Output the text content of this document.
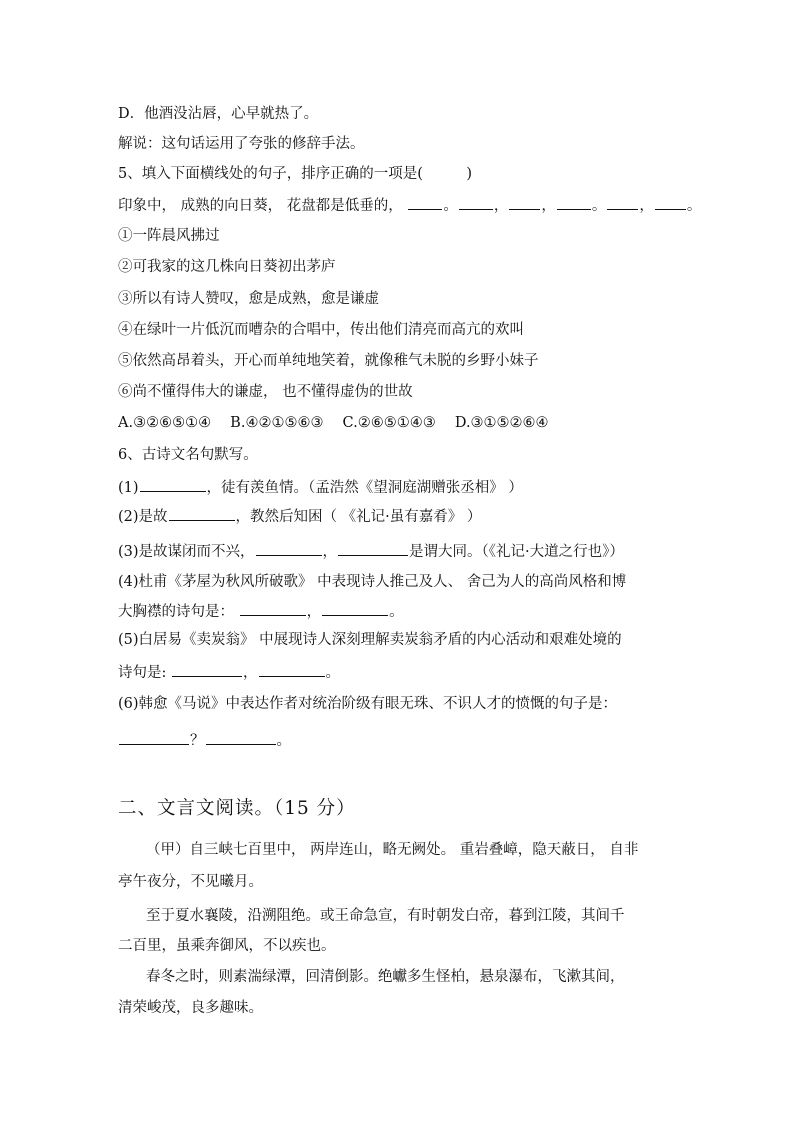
D．他酒没沾唇，心早就热了。
解说：这句话运用了夸张的修辞手法。
5、填入下面横线处的句子，排序正确的一项是(　　　)
印象中， 成熟的向日葵， 花盘都是低垂的，	。 ， ， 。 ， 。
①一阵晨风拂过
②可我家的这几株向日葵初出茅庐
③所以有诗人赞叹，愈是成熟，愈是谦虚
④在绿叶一片低沉而嘈杂的合唱中，传出他们清亮而高亢的欢叫
⑤依然高昂着头，开心而单纯地笑着，就像稚气未脱的乡野小妹子
⑥尚不懂得伟大的谦虚， 也不懂得虚伪的世故
A.③②⑥⑤①④　 B.④②①⑤⑥③　 C.②⑥⑤①④③　 D.③①⑤②⑥④
6、古诗文名句默写。
(1)	，徒有羡鱼情。（孟浩然《望洞庭湖赠张丞相》 ）
(2)是故	，教然后知困（ 《礼记·虽有嘉肴》 ）
(3)是故谋闭而不兴，	，	是谓大同。（《礼记·大道之行也》）
(4)杜甫《茅屋为秋风所破歌》 中表现诗人推己及人、 舍己为人的高尚风格和博
大胸襟的诗句是：	，	。
(5)白居易《卖炭翁》 中展现诗人深刻理解卖炭翁矛盾的内心活动和艰难处境的
诗句是:	，	。
(6)韩愈《马说》中表达作者对统治阶级有眼无珠、不识人才的愤慨的句子是：
？	。
二、文言文阅读。（15 分）
（甲）自三峡七百里中， 两岸连山，略无阙处。 重岩叠嶂，隐天蔽日， 自非
亭午夜分，不见曦月。
至于夏水襄陵，沿溯阻绝。或王命急宣，有时朝发白帝，暮到江陵，其间千
二百里，虽乘奔御风，不以疾也。
春冬之时，则素湍绿潭，回清倒影。绝巘多生怪柏，悬泉瀑布，飞漱其间，
清荣峻茂，良多趣味。
